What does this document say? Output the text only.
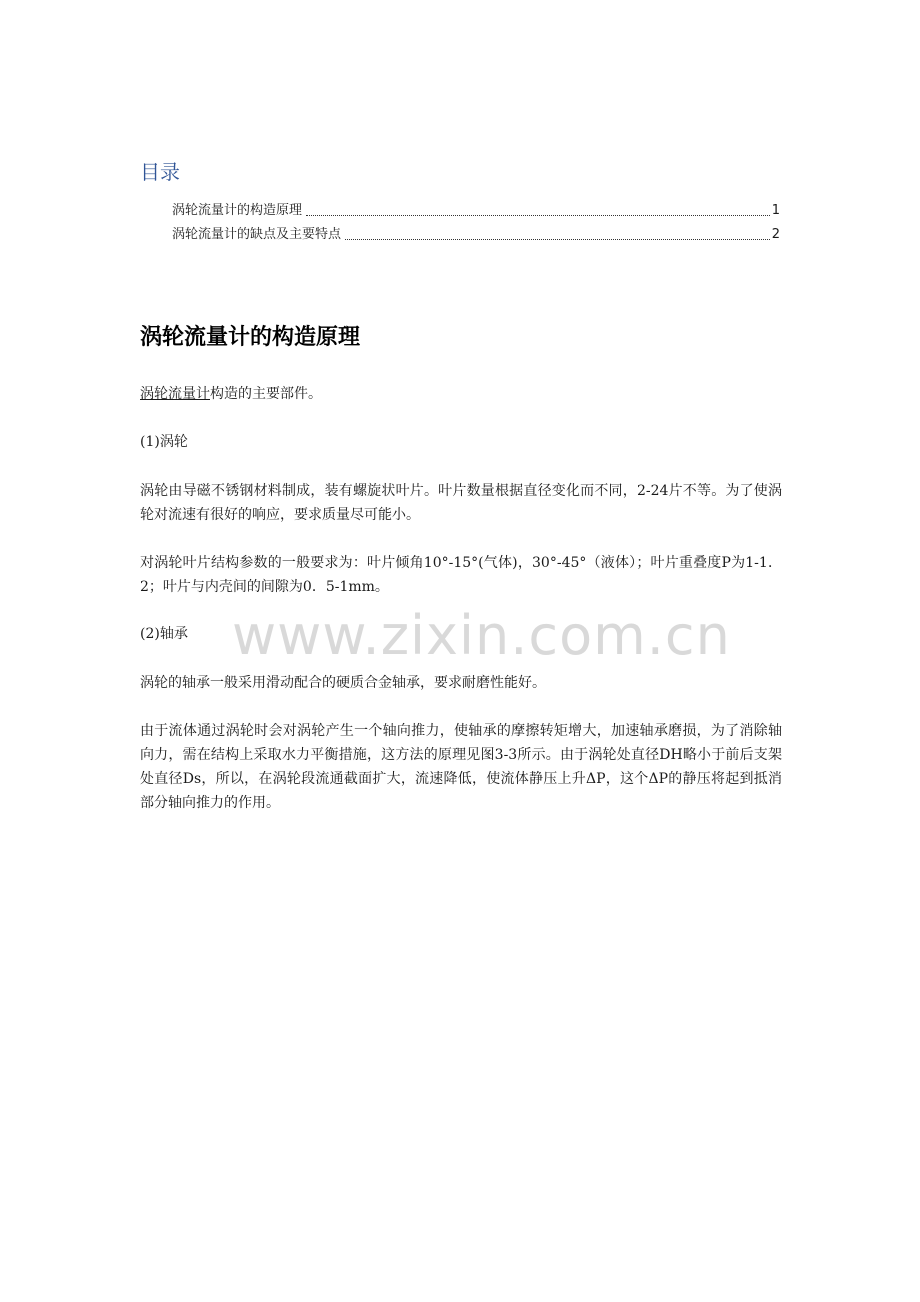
目录
涡轮流量计的构造原理	1
涡轮流量计的缺点及主要特点	2
涡轮流量计的构造原理

涡轮流量计构造的主要部件。

(1)涡轮

涡轮由导磁不锈钢材料制成，装有螺旋状叶片。叶片数量根据直径变化而不同，2-24片不等。为了使涡轮对流速有很好的响应，要求质量尽可能小。

对涡轮叶片结构参数的一般要求为：叶片倾角10°-15°(气体)，30°-45°（液体）；叶片重叠度P为1-1．2；叶片与内壳间的间隙为0．5-1mm。

www.zixin.com.cn

(2)轴承

涡轮的轴承一般采用滑动配合的硬质合金轴承，要求耐磨性能好。

由于流体通过涡轮时会对涡轮产生一个轴向推力，使轴承的摩擦转矩增大，加速轴承磨损，为了消除轴向力，需在结构上采取水力平衡措施，这方法的原理见图3-3所示。由于涡轮处直径DH略小于前后支架处直径Ds，所以，在涡轮段流通截面扩大，流速降低，使流体静压上升ΔP，这个ΔP的静压将起到抵消部分轴向推力的作用。
